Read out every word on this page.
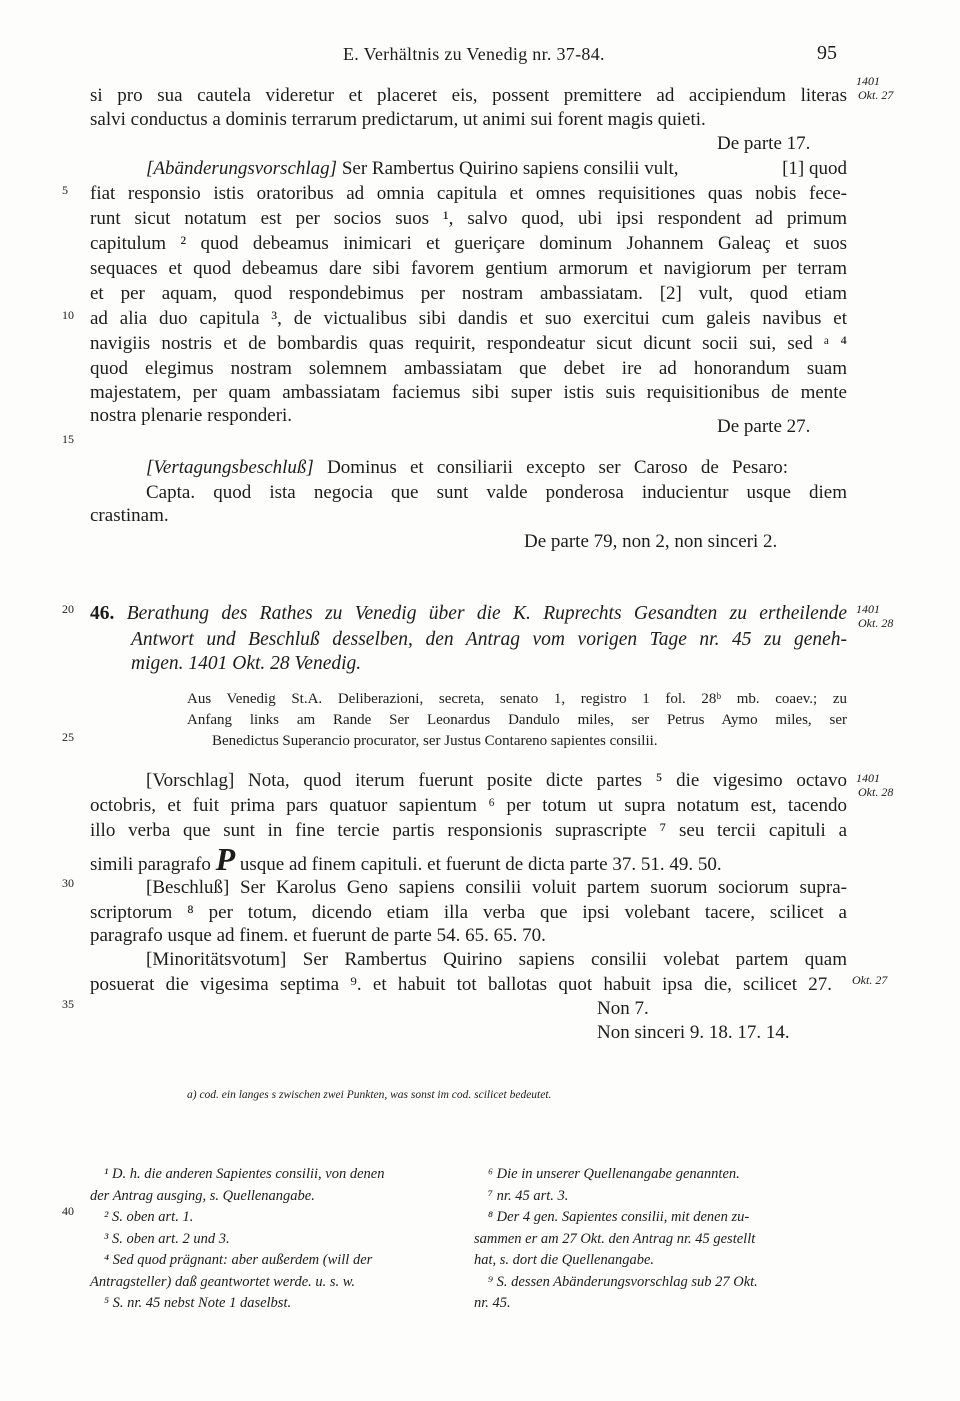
E. Verhältnis zu Venedig nr. 37-84.	95
5
10
15
20
25
30
35
40
1401
Okt. 27
1401
Okt. 28
1401
Okt. 28
Okt. 27
si pro sua cautela videretur et placeret eis, possent premittere ad accipiendum literas
salvi conductus a dominis terrarum predictarum, ut animi sui forent magis quieti.
De parte 17.
[Abänderungsvorschlag] Ser Rambertus Quirino sapiens consilii vult,	[1] quod
fiat responsio istis oratoribus ad omnia capitula et omnes requisitiones quas nobis fece-
runt sicut notatum est per socios suos ¹, salvo quod, ubi ipsi respondent ad primum
capitulum ² quod debeamus inimicari et gueriçare dominum Johannem Galeaç et suos
sequaces et quod debeamus dare sibi favorem gentium armorum et navigiorum per terram
et per aquam, quod respondebimus per nostram ambassiatam. [2] vult, quod etiam
ad alia duo capitula ³, de victualibus sibi dandis et suo exercitui cum galeis navibus et
navigiis nostris et de bombardis quas requirit, respondeatur sicut dicunt socii sui, sed ᵃ ⁴
quod elegimus nostram solemnem ambassiatam que debet ire ad honorandum suam
majestatem, per quam ambassiatam faciemus sibi super istis suis requisitionibus de mente
nostra plenarie responderi.
De parte 27.
[Vertagungsbeschluß] Dominus et consiliarii excepto ser Caroso de Pesaro:
Capta. quod ista negocia que sunt valde ponderosa inducientur usque diem
crastinam.
De parte 79, non 2, non sinceri 2.
46. Berathung des Rathes zu Venedig über die K. Ruprechts Gesandten zu ertheilende
Antwort und Beschluß desselben, den Antrag vom vorigen Tage nr. 45 zu geneh-
migen. 1401 Okt. 28 Venedig.
Aus Venedig St.A. Deliberazioni, secreta, senato 1, registro 1 fol. 28ᵇ mb. coaev.; zu
Anfang links am Rande Ser Leonardus Dandulo miles, ser Petrus Aymo miles, ser
Benedictus Superancio procurator, ser Justus Contareno sapientes consilii.
[Vorschlag] Nota, quod iterum fuerunt posite dicte partes ⁵ die vigesimo octavo
octobris, et fuit prima pars quatuor sapientum ⁶ per totum ut supra notatum est, tacendo
illo verba que sunt in fine tercie partis responsionis suprascripte ⁷ seu tercii capituli a
simili paragrafo P usque ad finem capituli. et fuerunt de dicta parte 37. 51. 49. 50.
[Beschluß] Ser Karolus Geno sapiens consilii voluit partem suorum sociorum supra-
scriptorum ⁸ per totum, dicendo etiam illa verba que ipsi volebant tacere, scilicet a
paragrafo usque ad finem. et fuerunt de parte 54. 65. 65. 70.
[Minoritätsvotum] Ser Rambertus Quirino sapiens consilii volebat partem quam
posuerat die vigesima septima ⁹. et habuit tot ballotas quot habuit ipsa die, scilicet 27.
Non 7.
Non sinceri 9. 18. 17. 14.
a) cod. ein langes s zwischen zwei Punkten, was sonst im cod. scilicet bedeutet.
¹ D. h. die anderen Sapientes consilii, von denen
der Antrag ausging, s. Quellenangabe.
² S. oben art. 1.
³ S. oben art. 2 und 3.
⁴ Sed quod prägnant: aber außerdem (will der
Antragsteller) daß geantwortet werde. u. s. w.
⁵ S. nr. 45 nebst Note 1 daselbst.
⁶ Die in unserer Quellenangabe genannten.
⁷ nr. 45 art. 3.
⁸ Der 4 gen. Sapientes consilii, mit denen zu-
sammen er am 27 Okt. den Antrag nr. 45 gestellt
hat, s. dort die Quellenangabe.
⁹ S. dessen Abänderungsvorschlag sub 27 Okt.
nr. 45.
